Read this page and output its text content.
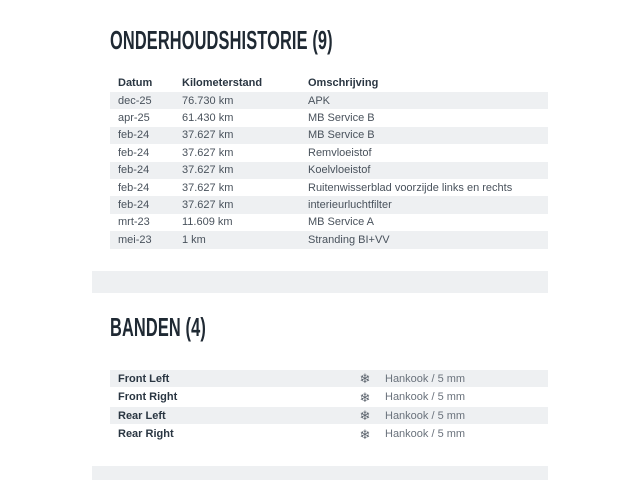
ONDERHOUDSHISTORIE (9)
Datum	Kilometerstand	Omschrijving
dec-25	76.730 km	APK
apr-25	61.430 km	MB Service B
feb-24	37.627 km	MB Service B
feb-24	37.627 km	Remvloeistof
feb-24	37.627 km	Koelvloeistof
feb-24	37.627 km	Ruitenwisserblad voorzijde links en rechts
feb-24	37.627 km	interieurluchtfilter
mrt-23	11.609 km	MB Service A
mei-23	1 km	Stranding BI+VV
BANDEN (4)
Front Left	❄	Hankook / 5 mm
Front Right	❄	Hankook / 5 mm
Rear Left	❄	Hankook / 5 mm
Rear Right	❄	Hankook / 5 mm
